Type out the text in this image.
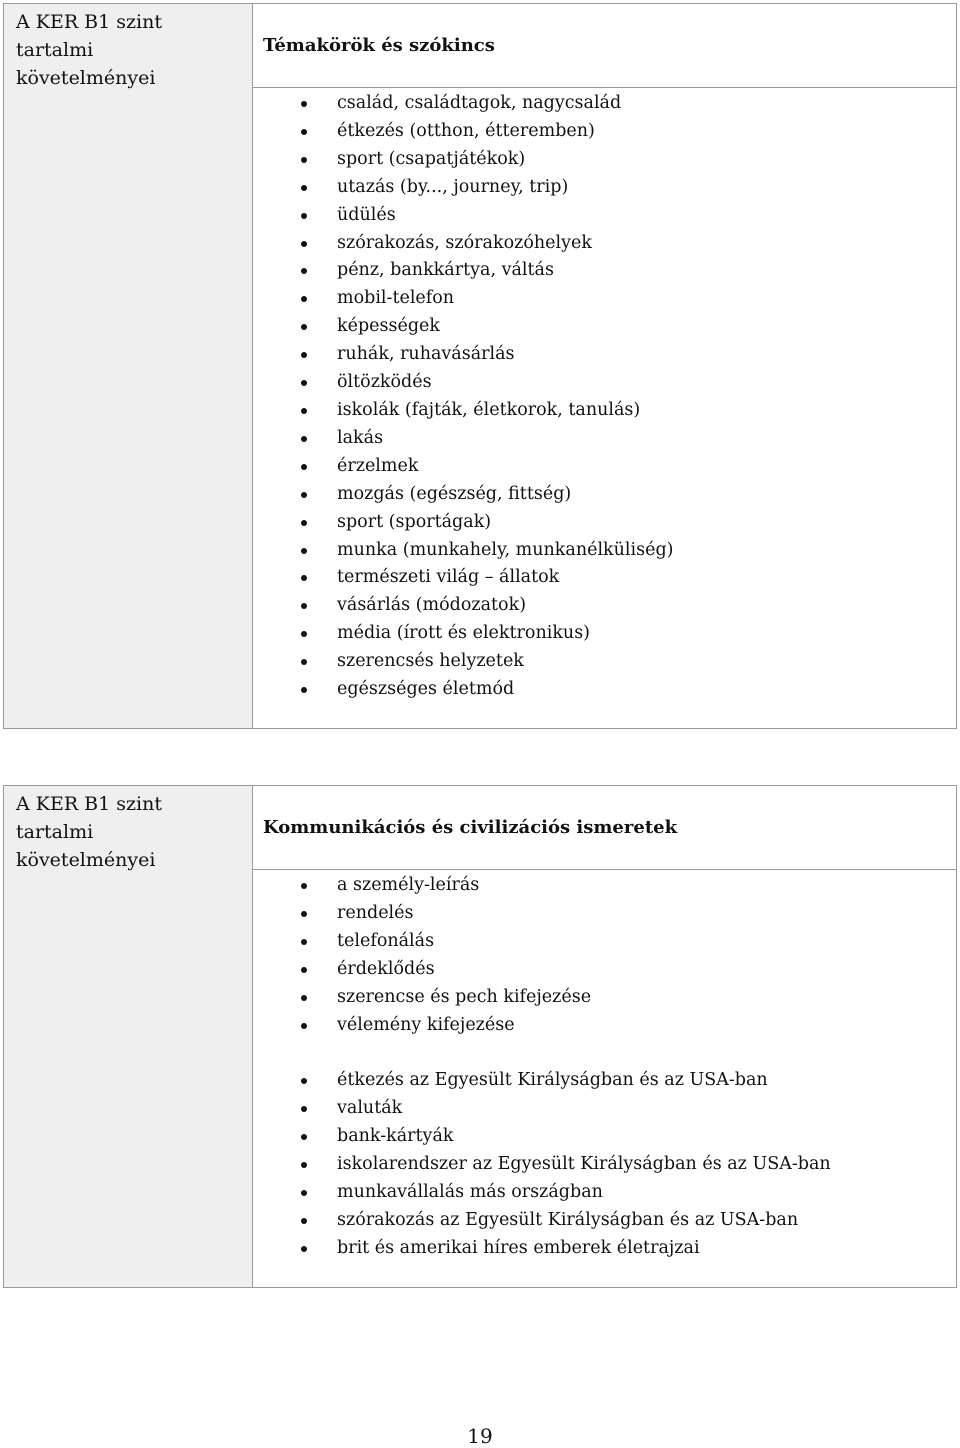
A KER B1 szint
tartalmi
követelményei
	Témakörök és szókincs

család, családtagok, nagycsalád
étkezés (otthon, étteremben)
sport (csapatjátékok)
utazás (by..., journey, trip)
üdülés
szórakozás, szórakozóhelyek
pénz, bankkártya, váltás
mobil-telefon
képességek
ruhák, ruhavásárlás
öltözködés
iskolák (fajták, életkorok, tanulás)
lakás
érzelmek
mozgás (egészség, fittség)
sport (sportágak)
munka (munkahely, munkanélküliség)
természeti világ – állatok
vásárlás (módozatok)
média (írott és elektronikus)
szerencsés helyzetek
egészséges életmód
A KER B1 szint
tartalmi
követelményei
	Kommunikációs és civilizációs ismeretek

a személy-leírás
rendelés
telefonálás
érdeklődés
szerencse és pech kifejezése
vélemény kifejezése
étkezés az Egyesült Királyságban és az USA-ban
valuták
bank-kártyák
iskolarendszer az Egyesült Királyságban és az USA-ban
munkavállalás más országban
szórakozás az Egyesült Királyságban és az USA-ban
brit és amerikai híres emberek életrajzai
19
